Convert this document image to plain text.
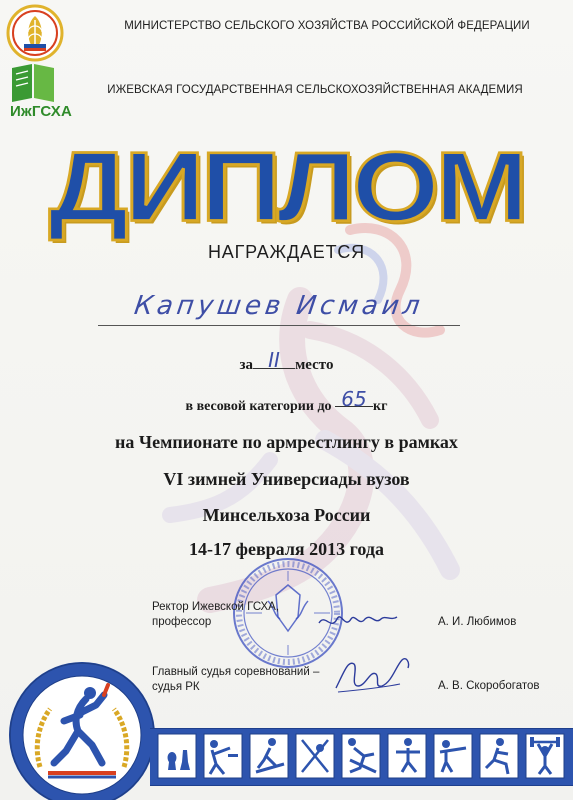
МИНИСТЕРСТВО СЕЛЬСКОГО ХОЗЯЙСТВА РОССИЙСКОЙ ФЕДЕРАЦИИ
ИжГСХА
ИЖЕВСКАЯ ГОСУДАРСТВЕННАЯ СЕЛЬСКОХОЗЯЙСТВЕННАЯ АКАДЕМИЯ
ДИПЛОМ
НАГРАЖДАЕТСЯ
Капушев Исмаил
за II место
в весовой категории до 65 кг
на Чемпионате по армрестлингу в рамках
VI зимней Универсиады вузов
Минсельхоза России
14-17 февраля 2013 года
Ректор Ижевской ГСХА,
профессор	А. И. Любимов
Главный судья соревнований –
судья РК	А. В. Скоробогатов
